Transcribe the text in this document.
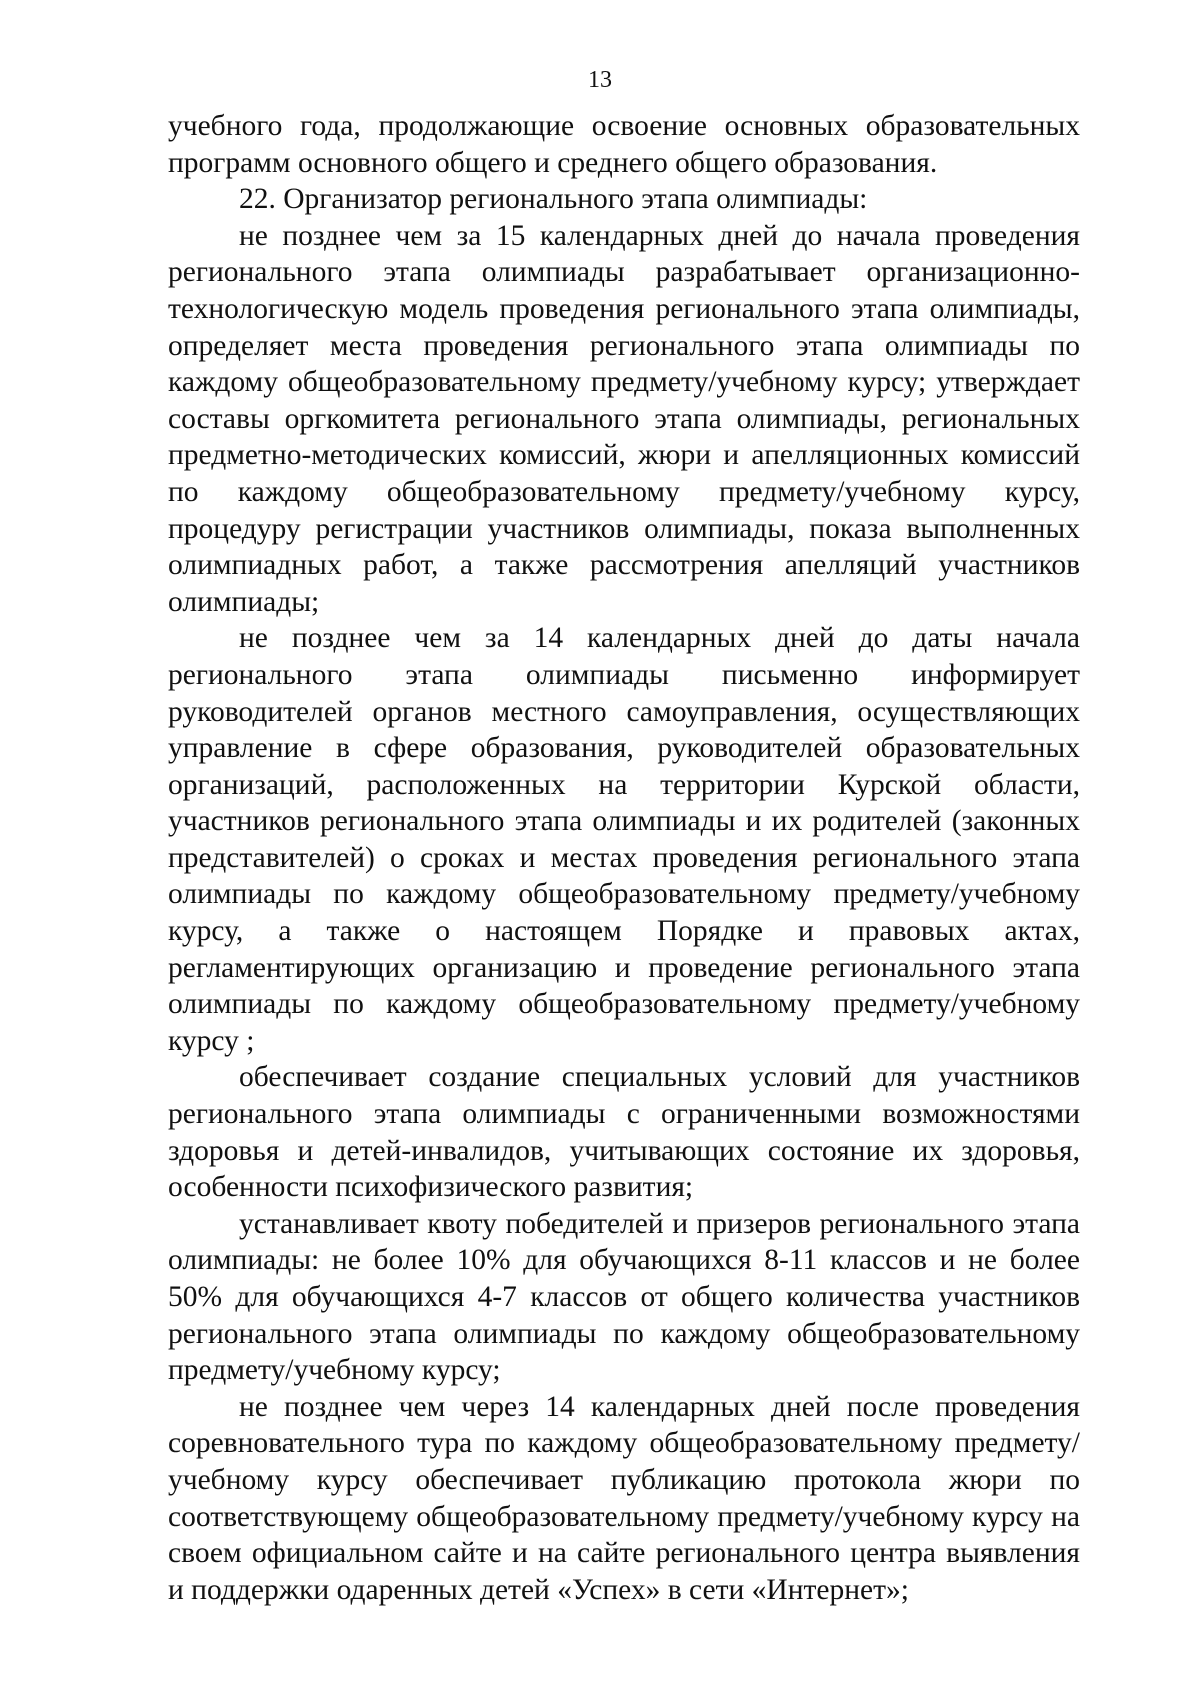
13

учебного года, продолжающие освоение основных образовательных программ основного общего и среднего общего образования.

22. Организатор регионального этапа олимпиады:

не позднее чем за 15 календарных дней до начала проведения регионального этапа олимпиады разрабатывает организационно-технологическую модель проведения регионального этапа олимпиады, определяет места проведения регионального этапа олимпиады по каждому общеобразовательному предмету/учебному курсу; утверждает составы оргкомитета регионального этапа олимпиады, региональных предметно-методических комиссий, жюри и апелляционных комиссий по каждому общеобразовательному предмету/учебному курсу, процедуру регистрации участников олимпиады, показа выполненных олимпиадных работ, а также рассмотрения апелляций участников олимпиады;

не позднее чем за 14 календарных дней до даты начала регионального этапа олимпиады письменно информирует руководителей органов местного самоуправления, осуществляющих управление в сфере образования, руководителей образовательных организаций, расположенных на территории Курской области, участников регионального этапа олимпиады и их родителей (законных представителей) о сроках и местах проведения регионального этапа олимпиады по каждому общеобразовательному предмету/учебному курсу, а также о настоящем Порядке и правовых актах, регламентирующих организацию и проведение регионального этапа олимпиады по каждому общеобразовательному предмету/учебному курсу ;

обеспечивает создание специальных условий для участников регионального этапа олимпиады с ограниченными возможностями здоровья и детей-инвалидов, учитывающих состояние их здоровья, особенности психофизического развития;

устанавливает квоту победителей и призеров регионального этапа олимпиады: не более 10% для обучающихся 8-11 классов и не более 50% для обучающихся 4-7 классов от общего количества участников регионального этапа олимпиады по каждому общеобразовательному предмету/учебному курсу;

не позднее чем через 14 календарных дней после проведения соревновательного тура по каждому общеобразовательному предмету/учебному курсу обеспечивает публикацию протокола жюри по соответствующему общеобразовательному предмету/учебному курсу на своем официальном сайте и на сайте регионального центра выявления и поддержки одаренных детей «Успех» в сети «Интернет»;
